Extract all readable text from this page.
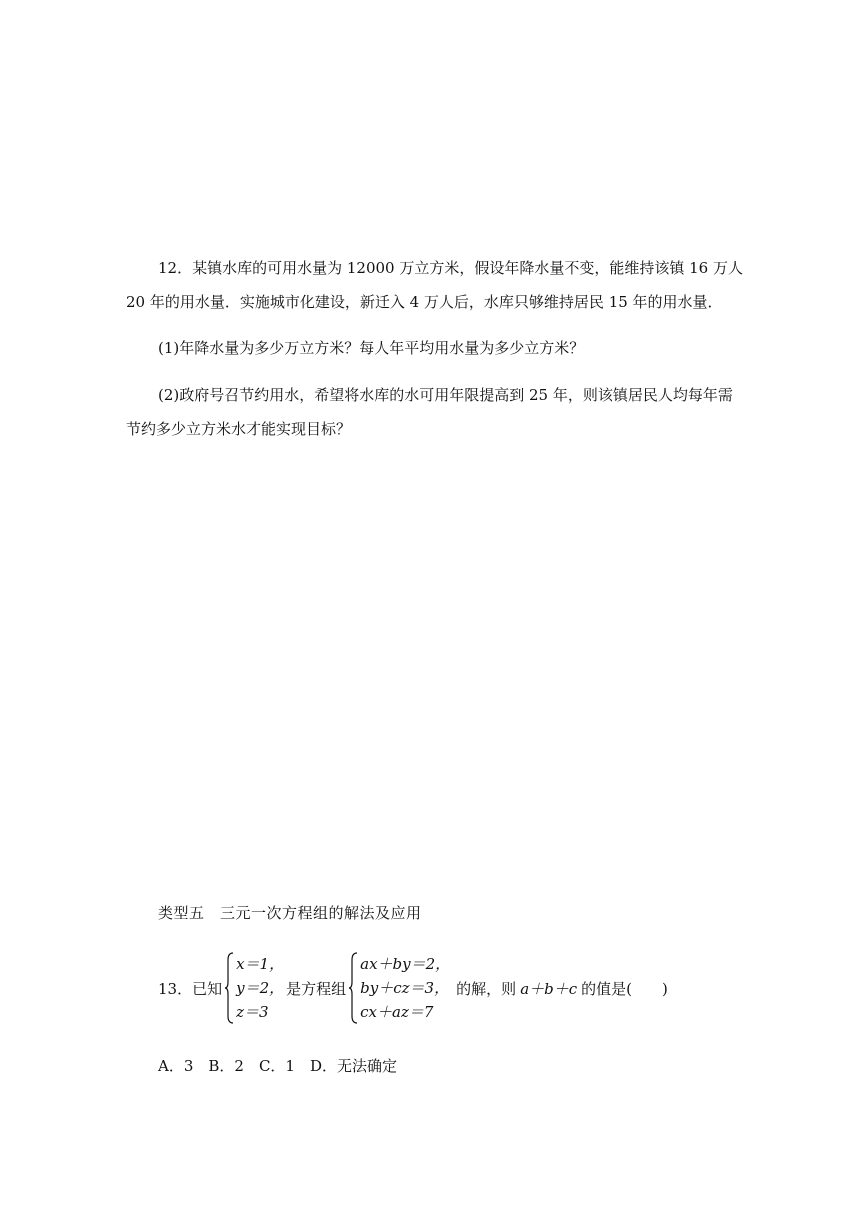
12．某镇水库的可用水量为 12000 万立方米，假设年降水量不变，能维持该镇 16 万人
20 年的用水量．实施城市化建设，新迁入 4 万人后，水库只够维持居民 15 年的用水量．
(1)年降水量为多少万立方米？每人年平均用水量为多少立方米？
(2)政府号召节约用水，希望将水库的水可用年限提高到 25 年，则该镇居民人均每年需
节约多少立方米水才能实现目标？
类型五　三元一次方程组的解法及应用
13．已知
x＝1，
y＝2，
z＝3
是方程组
ax＋by＝2，
by＋cz＝3，
cx＋az＝7
的解，则 a＋b＋c 的值是(　　)
A．3　B．2　C．1　D．无法确定
